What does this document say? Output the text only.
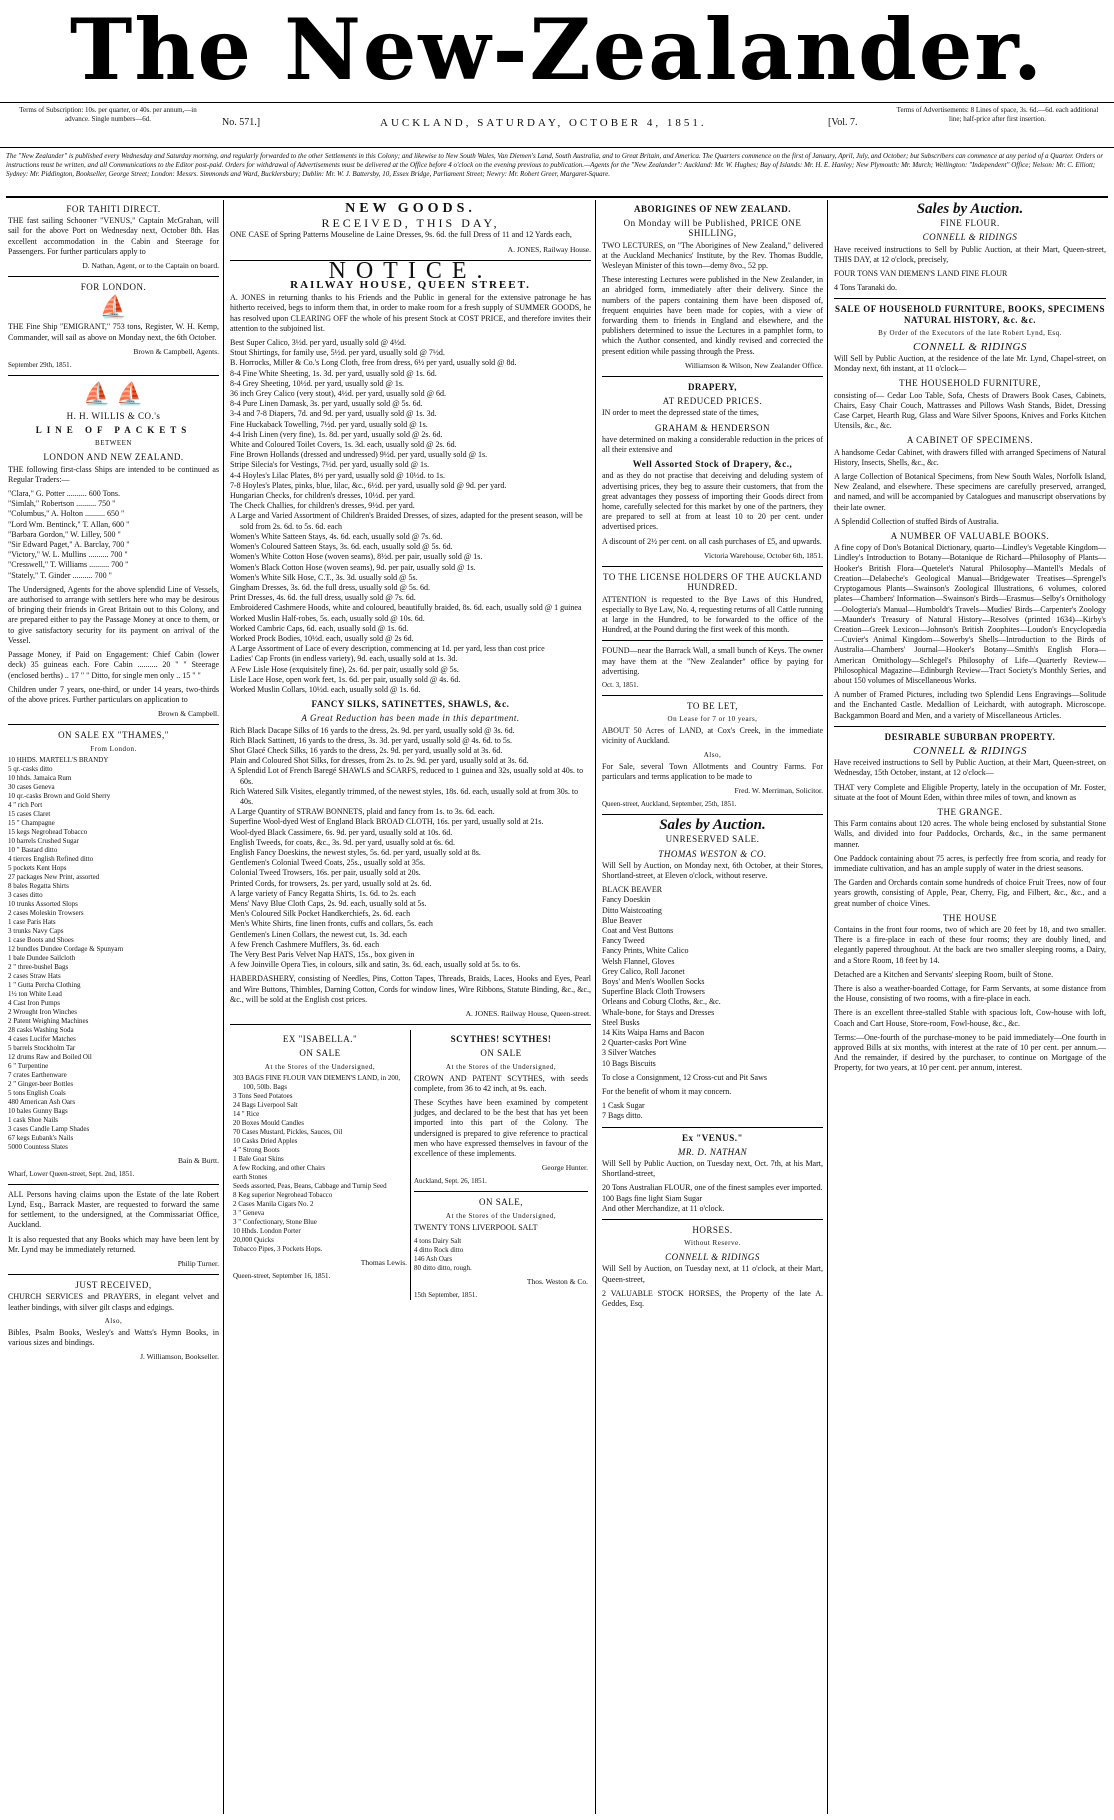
The New-Zealander.
Terms of Subscription: 10s. per quarter, or 40s. per annum,—in advance. Single numbers—6d.	No. 571.]	AUCKLAND, SATURDAY, OCTOBER 4, 1851.	[Vol. 7.
Terms of Advertisements: 8 Lines of space, 3s. 6d.—6d. each additional line; half-price after first insertion.
The "New Zealander" is published every Wednesday and Saturday morning, and regularly forwarded to the other Settlements in this Colony; and likewise to New South Wales, Van Diemen's Land, South Australia, and to Great Britain, and America. The Quarters commence on the first of January, April, July, and October; but Subscribers can commence at any period of a Quarter. Orders or instructions must be written, and all Communications to the Editor post-paid. Orders for withdrawal of Advertisements must be delivered at the Office before 4 o'clock on the evening previous to publication.—Agents for the "New Zealander": Auckland: Mr. W. Hughes; Bay of Islands: Mr. H. E. Hanley; New Plymouth: Mr. Murch; Wellington: "Independent" Office; Nelson: Mr. C. Elliott; Sydney: Mr. Piddington, Bookseller, George Street; London: Messrs. Simmonds and Ward, Bucklersbury; Dublin: Mr. W. J. Battersby, 10, Essex Bridge, Parliament Street; Newry: Mr. Robert Greer, Margaret-Square.
FOR TAHITI DIRECT.

THE fast sailing Schooner "VENUS," Captain McGrahan, will sail for the above Port on Wednesday next, October 8th. Has excellent accommodation in the Cabin and Steerage for Passengers. For further particulars apply to

D. Nathan, Agent, or to the Captain on board.
FOR LONDON.
⛵

THE Fine Ship "EMIGRANT," 753 tons, Register, W. H. Kemp, Commander, will sail as above on Monday next, the 6th October.

Brown & Campbell, Agents.
September 29th, 1851.
⛵ ⛵
H. H. WILLIS & CO.'s
LINE OF PACKETS
BETWEEN
LONDON AND NEW ZEALAND.

THE following first-class Ships are intended to be continued as Regular Traders:—

"Clara," G. Potter .......... 600 Tons.
"Simlah," Robertson .......... 750 "
"Columbus," A. Holton .......... 650 "
"Lord Wm. Bentinck," T. Allan, 600 "
"Barbara Gordon," W. Lilley, 500 "
"Sir Edward Paget," A. Barclay, 700 "
"Victory," W. L. Mullins .......... 700 "
"Cresswell," T. Williams .......... 700 "
"Stately," T. Ginder .......... 700 "

The Undersigned, Agents for the above splendid Line of Vessels, are authorised to arrange with settlers here who may be desirous of bringing their friends in Great Britain out to this Colony, and are prepared either to pay the Passage Money at once to them, or to give satisfactory security for its payment on arrival of the Vessel.

Passage Money, if Paid on Engagement: Chief Cabin (lower deck) 35 guineas each. Fore Cabin .......... 20 " " Steerage (enclosed berths) .. 17 " " Ditto, for single men only .. 15 " "

Children under 7 years, one-third, or under 14 years, two-thirds of the above prices. Further particulars on application to

Brown & Campbell.
ON SALE EX "THAMES,"
From London.
10 HHDS. MARTELL'S BRANDY
5 qr.-casks ditto
10 hhds. Jamaica Rum
30 cases Geneva
10 qr.-casks Brown and Gold Sherry
4 " rich Port
15 cases Claret
15 " Champagne
15 kegs Negrohead Tobacco
10 barrels Crushed Sugar
10 " Bastard ditto
4 tierces English Refined ditto
5 pockets Kent Hops
27 packages New Print, assorted
8 bales Regatta Shirts
3 cases ditto
10 trunks Assorted Slops
2 cases Moleskin Trowsers
1 case Paris Hats
3 trunks Navy Caps
1 case Boots and Shoes
12 bundles Dundee Cordage & Spunyarn
1 bale Dundee Sailcloth
2 " three-bushel Bags
2 cases Straw Hats
1 " Gutta Percha Clothing
1½ ton White Lead
4 Cast Iron Pumps
2 Wrought Iron Winches
2 Patent Weighing Machines
28 casks Washing Soda
4 cases Lucifer Matches
5 barrels Stockholm Tar
12 drums Raw and Boiled Oil
6 " Turpentine
7 crates Earthenware
2 " Ginger-beer Bottles
5 tons English Coals
480 American Ash Oars
10 bales Gunny Bags
1 cask Shoe Nails
3 cases Candle Lamp Shades
67 kegs Eubank's Nails
5000 Countess Slates
Bain & Burtt.
Wharf, Lower Queen-street, Sept. 2nd, 1851.

ALL Persons having claims upon the Estate of the late Robert Lynd, Esq., Barrack Master, are requested to forward the same for settlement, to the undersigned, at the Commissariat Office, Auckland.

It is also requested that any Books which may have been lent by Mr. Lynd may be immediately returned.

Philip Turner.
JUST RECEIVED,

CHURCH SERVICES and PRAYERS, in elegant velvet and leather bindings, with silver gilt clasps and edgings.

Also,

Bibles, Psalm Books, Wesley's and Watts's Hymn Books, in various sizes and bindings.

J. Williamson, Bookseller.
NEW GOODS.
RECEIVED, THIS DAY,

ONE CASE of Spring Patterns Mouseline de Laine Dresses, 9s. 6d. the full Dress of 11 and 12 Yards each,

A. JONES, Railway House.
NOTICE.
RAILWAY HOUSE, QUEEN STREET.

A. JONES in returning thanks to his Friends and the Public in general for the extensive patronage he has hitherto received, begs to inform them that, in order to make room for a fresh supply of SUMMER GOODS, he has resolved upon CLEARING OFF the whole of his present Stock at COST PRICE, and therefore invites their attention to the subjoined list.

Best Super Calico, 3½d. per yard, usually sold @ 4½d.
Stout Shirtings, for family use, 5½d. per yard, usually sold @ 7½d.
B. Horrocks, Miller & Co.'s Long Cloth, free from dress, 6½ per yard, usually sold @ 8d.
8-4 Fine White Sheeting, 1s. 3d. per yard, usually sold @ 1s. 6d.
8-4 Grey Sheeting, 10½d. per yard, usually sold @ 1s.
36 inch Grey Calico (very stout), 4½d. per yard, usually sold @ 6d.
8-4 Pure Linen Damask, 3s. per yard, usually sold @ 5s. 6d.
3-4 and 7-8 Diapers, 7d. and 9d. per yard, usually sold @ 1s. 3d.
Fine Huckaback Towelling, 7½d. per yard, usually sold @ 1s.
4-4 Irish Linen (very fine), 1s. 8d. per yard, usually sold @ 2s. 6d.
White and Coloured Toilet Covers, 1s. 3d. each, usually sold @ 2s. 6d.
Fine Brown Hollands (dressed and undressed) 9½d. per yard, usually sold @ 1s.
Stripe Silecia's for Vestings, 7½d. per yard, usually sold @ 1s.
4-4 Hoyles's Lilac Plates, 8½ per yard, usually sold @ 10½d. to 1s.
7-8 Hoyles's Plates, pinks, blue, lilac, &c., 6½d. per yard, usually sold @ 9d. per yard.
Hungarian Checks, for children's dresses, 10½d. per yard.
The Check Challies, for children's dresses, 9½d. per yard.
A Large and Varied Assortment of Children's Braided Dresses, of sizes, adapted for the present season, will be sold from 2s. 6d. to 5s. 6d. each
Women's White Satteen Stays, 4s. 6d. each, usually sold @ 7s. 6d.
Women's Coloured Satteen Stays, 3s. 6d. each, usually sold @ 5s. 6d.
Women's White Cotton Hose (woven seams), 8½d. per pair, usually sold @ 1s.
Women's Black Cotton Hose (woven seams), 9d. per pair, usually sold @ 1s.
Women's White Silk Hose, C.T., 3s. 3d. usually sold @ 5s.
Gingham Dresses, 3s. 6d. the full dress, usually sold @ 5s. 6d.
Print Dresses, 4s. 6d. the full dress, usually sold @ 7s. 6d.
Embroidered Cashmere Hoods, white and coloured, beautifully braided, 8s. 6d. each, usually sold @ 1 guinea
Worked Muslin Half-robes, 5s. each, usually sold @ 10s. 6d.
Worked Cambric Caps, 6d. each, usually sold @ 1s. 6d.
Worked Prock Bodies, 10½d. each, usually sold @ 2s 6d.
A Large Assortment of Lace of every description, commencing at 1d. per yard, less than cost price
Ladies' Cap Fronts (in endless variety), 9d. each, usually sold at 1s. 3d.
A Few Lisle Hose (exquisitely fine), 2s. 6d. per pair, usually sold @ 5s.
Lisle Lace Hose, open work feet, 1s. 6d. per pair, usually sold @ 4s. 6d.
Worked Muslin Collars, 10½d. each, usually sold @ 1s. 6d.
FANCY SILKS, SATINETTES, SHAWLS, &c.
A Great Reduction has been made in this department.
Rich Black Dacape Silks of 16 yards to the dress, 2s. 9d. per yard, usually sold @ 3s. 6d.
Rich Black Sattinett, 16 yards to the dress, 3s. 3d. per yard, usually sold @ 4s. 6d. to 5s.
Shot Glacé Check Silks, 16 yards to the dress, 2s. 9d. per yard, usually sold at 3s. 6d.
Plain and Coloured Shot Silks, for dresses, from 2s. to 2s. 9d. per yard, usually sold at 3s. 6d.
A Splendid Lot of French Baregé SHAWLS and SCARFS, reduced to 1 guinea and 32s, usually sold at 40s. to 60s.
Rich Watered Silk Visites, elegantly trimmed, of the newest styles, 18s. 6d. each, usually sold at from 30s. to 40s.
A Large Quantity of STRAW BONNETS, plaid and fancy from 1s. to 3s. 6d. each.
Superfine Wool-dyed West of England Black BROAD CLOTH, 16s. per yard, usually sold at 21s.
Wool-dyed Black Cassimere, 6s. 9d. per yard, usually sold at 10s. 6d.
English Tweeds, for coats, &c., 3s. 9d. per yard, usually sold at 6s. 6d.
English Fancy Doeskins, the newest styles, 5s. 6d. per yard, usually sold at 8s.
Gentlemen's Colonial Tweed Coats, 25s., usually sold at 35s.
Colonial Tweed Trowsers, 16s. per pair, usually sold at 20s.
Printed Cords, for trowsers, 2s. per yard, usually sold at 2s. 6d.
A large variety of Fancy Regatta Shirts, 1s. 6d. to 2s. each
Mens' Navy Blue Cloth Caps, 2s. 9d. each, usually sold at 5s.
Men's Coloured Silk Pocket Handkerchiefs, 2s. 6d. each
Men's White Shirts, fine linen fronts, cuffs and collars, 5s. each
Gentlemen's Linen Collars, the newest cut, 1s. 3d. each
A few French Cashmere Mufflers, 3s. 6d. each
The Very Best Paris Velvet Nap HATS, 15s., box given in
A few Joinville Opera Ties, in colours, silk and satin, 3s. 6d. each, usually sold at 5s. to 6s.

HABERDASHERY, consisting of Needles, Pins, Cotton Tapes, Threads, Braids, Laces, Hooks and Eyes, Pearl and Wire Buttons, Thimbles, Darning Cotton, Cords for window lines, Wire Ribbons, Statute Binding, &c., &c., &c., will be sold at the English cost prices.

A. JONES. Railway House, Queen-street.
EX "ISABELLA."
ON SALE
At the Stores of the Undersigned,
303 BAGS FINE FLOUR VAN DIEMEN'S LAND, in 200, 100, 50lb. Bags
3 Tons Seed Potatoes
24 Bags Liverpool Salt
14 " Rice
20 Boxes Mould Candles
70 Cases Mustard, Pickles, Sauces, Oil
10 Casks Dried Apples
4 " Strong Boots
1 Bale Goat Skins
A few Rocking, and other Chairs
earth Stones
Seeds assorted, Peas, Beans, Cabbage and Turnip Seed
8 Keg superior Negrohead Tobacco
2 Cases Manila Cigars No. 2
3 " Geneva
3 " Confectionary, Stone Blue
10 Hhds. London Porter
20,000 Quicks
Tobacco Pipes, 3 Pockets Hops.
Thomas Lewis.
Queen-street, September 16, 1851.
SCYTHES! SCYTHES!
ON SALE
At the Stores of the Undersigned,

CROWN AND PATENT SCYTHES, with seeds complete, from 36 to 42 inch, at 9s. each.

These Scythes have been examined by competent judges, and declared to be the best that has yet been imported into this part of the Colony. The undersigned is prepared to give reference to practical men who have expressed themselves in favour of the excellence of these implements.

George Hunter.
Auckland, Sept. 26, 1851.
ON SALE,
At the Stores of the Undersigned,

TWENTY TONS LIVERPOOL SALT

4 tons Dairy Salt
4 ditto Rock ditto
146 Ash Oars
80 ditto ditto, rough.
Thos. Weston & Co.
15th September, 1851.
ABORIGINES OF NEW ZEALAND.
On Monday will be Published, PRICE ONE SHILLING,

TWO LECTURES, on "The Aborigines of New Zealand," delivered at the Auckland Mechanics' Institute, by the Rev. Thomas Buddle, Wesleyan Minister of this town—demy 8vo., 52 pp.

These interesting Lectures were published in the New Zealander, in an abridged form, immediately after their delivery. Since the numbers of the papers containing them have been disposed of, frequent enquiries have been made for copies, with a view of forwarding them to friends in England and elsewhere, and the publishers determined to issue the Lectures in a pamphlet form, to which the Author consented, and kindly revised and corrected the present edition while passing through the Press.

Williamson & Wilson, New Zealander Office.
DRAPERY,
AT REDUCED PRICES.

IN order to meet the depressed state of the times,

GRAHAM & HENDERSON

have determined on making a considerable reduction in the prices of all their extensive and

Well Assorted Stock of Drapery, &c.,

and as they do not practise that deceiving and deluding system of advertising prices, they beg to assure their customers, that from the great advantages they possess of importing their Goods direct from home, carefully selected for this market by one of the partners, they are prepared to sell at from at least 10 to 20 per cent. under advertised prices.

A discount of 2½ per cent. on all cash purchases of £5, and upwards.

Victoria Warehouse, October 6th, 1851.
TO THE LICENSE HOLDERS OF THE AUCKLAND HUNDRED.

ATTENTION is requested to the Bye Laws of this Hundred, especially to Bye Law, No. 4, requesting returns of all Cattle running at large in the Hundred, to be forwarded to the office of the Hundred, at the Pound during the first week of this month.

FOUND—near the Barrack Wall, a small bunch of Keys. The owner may have them at the "New Zealander" office by paying for advertising.

Oct. 3, 1851.
TO BE LET,
On Lease for 7 or 10 years,

ABOUT 50 Acres of LAND, at Cox's Creek, in the immediate vicinity of Auckland.

Also,

For Sale, several Town Allotments and Country Farms. For particulars and terms application to be made to

Fred. W. Merriman, Solicitor.
Queen-street, Auckland, September, 25th, 1851.
Sales by Auction.
UNRESERVED SALE.
THOMAS WESTON & CO.

Will Sell by Auction, on Monday next, 6th October, at their Stores, Shortland-street, at Eleven o'clock, without reserve.

BLACK BEAVER
Fancy Doeskin
Ditto Waistcoating
Blue Beaver
Coat and Vest Buttons
Fancy Tweed
Fancy Prints, White Calico
Welsh Flannel, Gloves
Grey Calico, Roll Jaconet
Boys' and Men's Woollen Socks
Superfine Black Cloth Trowsers
Orleans and Coburg Cloths, &c., &c.
Whale-bone, for Stays and Dresses
Steel Busks
14 Kits Waipa Hams and Bacon
2 Quarter-casks Port Wine
3 Silver Watches
10 Bags Biscuits

To close a Consignment, 12 Cross-cut and Pit Saws

For the benefit of whom it may concern.

1 Cask Sugar
7 Bags ditto.
Ex "VENUS."
MR. D. NATHAN

Will Sell by Public Auction, on Tuesday next, Oct. 7th, at his Mart, Shortland-street,

20 Tons Australian FLOUR, one of the finest samples ever imported.
100 Bags fine light Siam Sugar
And other Merchandize, at 11 o'clock.
HORSES.
Without Reserve.
CONNELL & RIDINGS

Will Sell by Auction, on Tuesday next, at 11 o'clock, at their Mart, Queen-street,

2 VALUABLE STOCK HORSES, the Property of the late A. Geddes, Esq.

Sales by Auction.
FINE FLOUR.
CONNELL & RIDINGS

Have received instructions to Sell by Public Auction, at their Mart, Queen-street, THIS DAY, at 12 o'clock, precisely,

FOUR TONS VAN DIEMEN'S LAND FINE FLOUR

4 Tons Taranaki do.

SALE OF HOUSEHOLD FURNITURE, BOOKS, SPECIMENS NATURAL HISTORY, &c. &c.
By Order of the Executors of the late Robert Lynd, Esq.
CONNELL & RIDINGS

Will Sell by Public Auction, at the residence of the late Mr. Lynd, Chapel-street, on Monday next, 6th instant, at 11 o'clock—

THE HOUSEHOLD FURNITURE,

consisting of— Cedar Loo Table, Sofa, Chests of Drawers Book Cases, Cabinets, Chairs, Easy Chair Couch, Mattrasses and Pillows Wash Stands, Bidet, Dressing Case Carpet, Hearth Rug, Glass and Ware Silver Spoons, Knives and Forks Kitchen Utensils, &c., &c.

A CABINET OF SPECIMENS.

A handsome Cedar Cabinet, with drawers filled with arranged Specimens of Natural History, Insects, Shells, &c., &c.

A large Collection of Botanical Specimens, from New South Wales, Norfolk Island, New Zealand, and elsewhere. These specimens are carefully preserved, arranged, and named, and will be accompanied by Catalogues and manuscript observations by their late owner.

A Splendid Collection of stuffed Birds of Australia.

A NUMBER OF VALUABLE BOOKS.

A fine copy of Don's Botanical Dictionary, quarto—Lindley's Vegetable Kingdom—Lindley's Introduction to Botany—Botanique de Richard—Philosophy of Plants—Hooker's British Flora—Quetelet's Natural Philosophy—Mantell's Medals of Creation—Delabeche's Geological Manual—Bridgewater Treatises—Sprengel's Cryptogamous Plants—Swainson's Zoological Illustrations, 6 volumes, colored plates—Chambers' Information—Swainson's Birds—Erasmus—Selby's Ornithology—Oologteria's Manual—Humboldt's Travels—Mudies' Birds—Carpenter's Zoology—Maunder's Treasury of Natural History—Resolves (printed 1634)—Kirby's Creation—Greek Lexicon—Johnson's British Zoophites—Loudon's Encyclopædia—Cuvier's Animal Kingdom—Sowerby's Shells—Introduction to the Birds of Australia—Chambers' Journal—Hooker's Botany—Smith's English Flora—American Ornithology—Schlegel's Philosophy of Life—Quarterly Review—Philosophical Magazine—Edinburgh Review—Tract Society's Monthly Series, and about 150 volumes of Miscellaneous Works.

A number of Framed Pictures, including two Splendid Lens Engravings—Solitude and the Enchanted Castle. Medallion of Leichardt, with autograph. Microscope. Backgammon Board and Men, and a variety of Miscellaneous Articles.

DESIRABLE SUBURBAN PROPERTY.
CONNELL & RIDINGS

Have received instructions to Sell by Public Auction, at their Mart, Queen-street, on Wednesday, 15th October, instant, at 12 o'clock—

THAT very Complete and Eligible Property, lately in the occupation of Mr. Foster, situate at the foot of Mount Eden, within three miles of town, and known as

THE GRANGE.

This Farm contains about 120 acres. The whole being enclosed by substantial Stone Walls, and divided into four Paddocks, Orchards, &c., in the same permanent manner.

One Paddock containing about 75 acres, is perfectly free from scoria, and ready for immediate cultivation, and has an ample supply of water in the driest seasons.

The Garden and Orchards contain some hundreds of choice Fruit Trees, now of four years growth, consisting of Apple, Pear, Cherry, Fig, and Filbert, &c., &c., and a great number of choice Vines.

THE HOUSE

Contains in the front four rooms, two of which are 20 feet by 18, and two smaller. There is a fire-place in each of these four rooms; they are doubly lined, and elegantly papered throughout. At the back are two smaller sleeping rooms, a Dairy, and a Store Room, 18 feet by 14.

Detached are a Kitchen and Servants' sleeping Room, built of Stone.

There is also a weather-boarded Cottage, for Farm Servants, at some distance from the House, consisting of two rooms, with a fire-place in each.

There is an excellent three-stalled Stable with spacious loft, Cow-house with loft, Coach and Cart House, Store-room, Fowl-house, &c., &c.

Terms:—One-fourth of the purchase-money to be paid immediately—One fourth in approved Bills at six months, with interest at the rate of 10 per cent. per annum.—And the remainder, if desired by the purchaser, to continue on Mortgage of the Property, for two years, at 10 per cent. per annum, interest.
